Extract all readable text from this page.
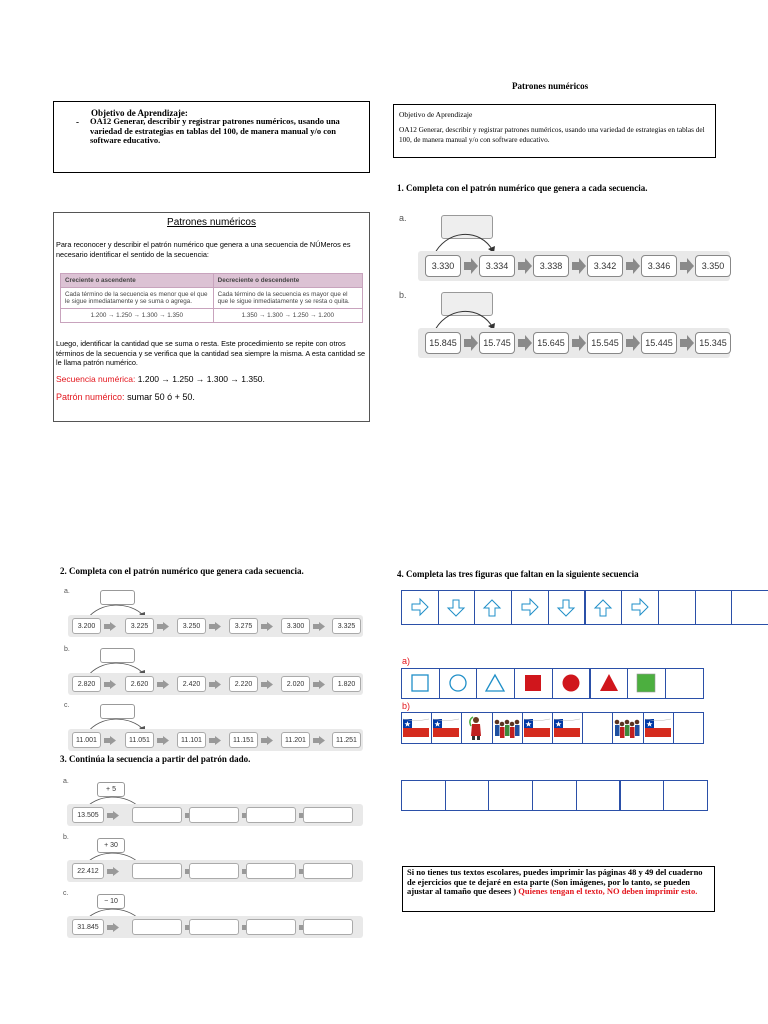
Objetivo de Aprendizaje:
- OA12 Generar, describir y registrar patrones numéricos, usando una variedad de estrategias en tablas del 100, de manera manual y/o con software educativo.
Patrones numéricos
Para reconocer y describir el patrón numérico que genera a una secuencia de NÚMeros es necesario identificar el sentido de la secuencia:
Creciente o ascendente	Decreciente o descendente
Cada término de la secuencia es menor que el que le sigue inmediatamente y se suma o agrega.	Cada término de la secuencia es mayor que el que le sigue inmediatamente y se resta o quita.
1.200 → 1.250 → 1.300 → 1.350	1.350 → 1.300 → 1.250 → 1.200
Luego, identificar la cantidad que se suma o resta. Este procedimiento se repite con otros términos de la secuencia y se verifica que la cantidad sea siempre la misma. A esta cantidad se le llama patrón numérico.
Secuencia numérica: 1.200 → 1.250 → 1.300 → 1.350.
Patrón numérico: sumar 50 ó + 50.
2. Completa con el patrón numérico que genera cada secuencia.
3. Continúa la secuencia a partir del patrón dado.
Patrones numéricos
Objetivo de Aprendizaje
OA12 Generar, describir y registrar patrones numéricos, usando una variedad de estrategias en tablas del 100, de manera manual y/o con software educativo.
1. Completa con el patrón numérico que genera a cada secuencia.
4. Completa las tres figuras que faltan en la siguiente secuencia
Si no tienes tus textos escolares, puedes imprimir las páginas 48 y 49 del cuaderno de ejercicios que te dejaré en esta parte (Son imágenes, por lo tanto, se pueden ajustar al tamaño que desees ) Quienes tengan el texto, NO deben imprimir esto.
a.
3.330	3.334	3.338	3.342	3.346	3.350
b.
15.845	15.745	15.645	15.545	15.445	15.345
a.
3.200	3.225	3.250	3.275	3.300	3.325
b.
2.820	2.620	2.420	2.220	2.020	1.820
c.
11.001	11.051	11.101	11.151	11.201	11.251
a.
+ 5
13.505
b.
+ 30
22.412
c.
− 10
31.845
a)
b)
